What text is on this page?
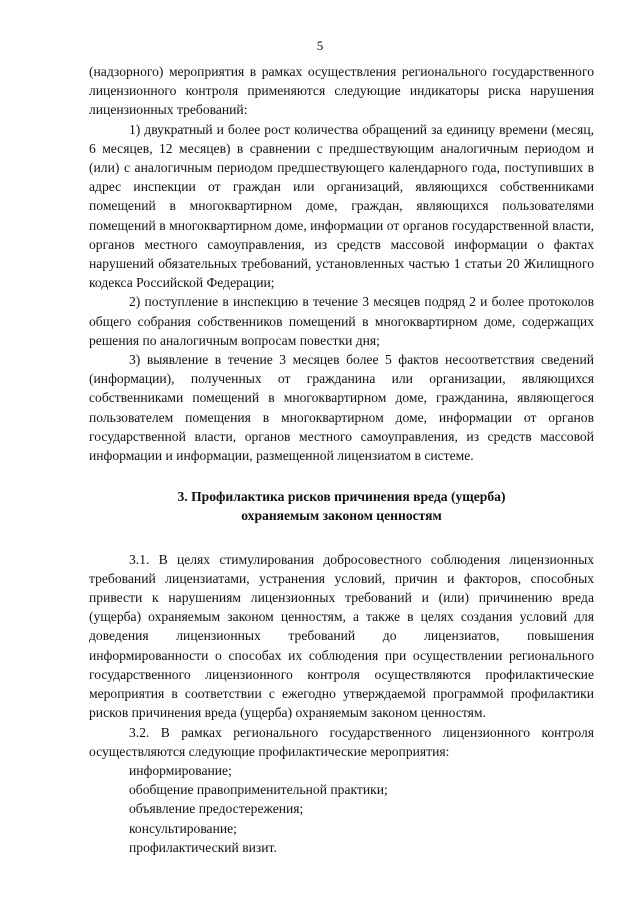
5

(надзорного) мероприятия в рамках осуществления регионального государственного лицензионного контроля применяются следующие индикаторы риска нарушения лицензионных требований:

1) двукратный и более рост количества обращений за единицу времени (месяц, 6 месяцев, 12 месяцев) в сравнении с предшествующим аналогичным периодом и (или) с аналогичным периодом предшествующего календарного года, поступивших в адрес инспекции от граждан или организаций, являющихся собственниками помещений в многоквартирном доме, граждан, являющихся пользователями помещений в многоквартирном доме, информации от органов государственной власти, органов местного самоуправления, из средств массовой информации о фактах нарушений обязательных требований, установленных частью 1 статьи 20 Жилищного кодекса Российской Федерации;

2) поступление в инспекцию в течение 3 месяцев подряд 2 и более протоколов общего собрания собственников помещений в многоквартирном доме, содержащих решения по аналогичным вопросам повестки дня;

3) выявление в течение 3 месяцев более 5 фактов несоответствия сведений (информации), полученных от гражданина или организации, являющихся собственниками помещений в многоквартирном доме, гражданина, являющегося пользователем помещения в многоквартирном доме, информации от органов государственной власти, органов местного самоуправления, из средств массовой информации и информации, размещенной лицензиатом в системе.

3. Профилактика рисков причинения вреда (ущерба)
охраняемым законом ценностям

3.1. В целях стимулирования добросовестного соблюдения лицензионных требований лицензиатами, устранения условий, причин и факторов, способных привести к нарушениям лицензионных требований и (или) причинению вреда (ущерба) охраняемым законом ценностям, а также в целях создания условий для доведения лицензионных требований до лицензиатов, повышения информированности о способах их соблюдения при осуществлении регионального государственного лицензионного контроля осуществляются профилактические мероприятия в соответствии с ежегодно утверждаемой программой профилактики рисков причинения вреда (ущерба) охраняемым законом ценностям.

3.2. В рамках регионального государственного лицензионного контроля осуществляются следующие профилактические мероприятия:

информирование;

обобщение правоприменительной практики;

объявление предостережения;

консультирование;

профилактический визит.
